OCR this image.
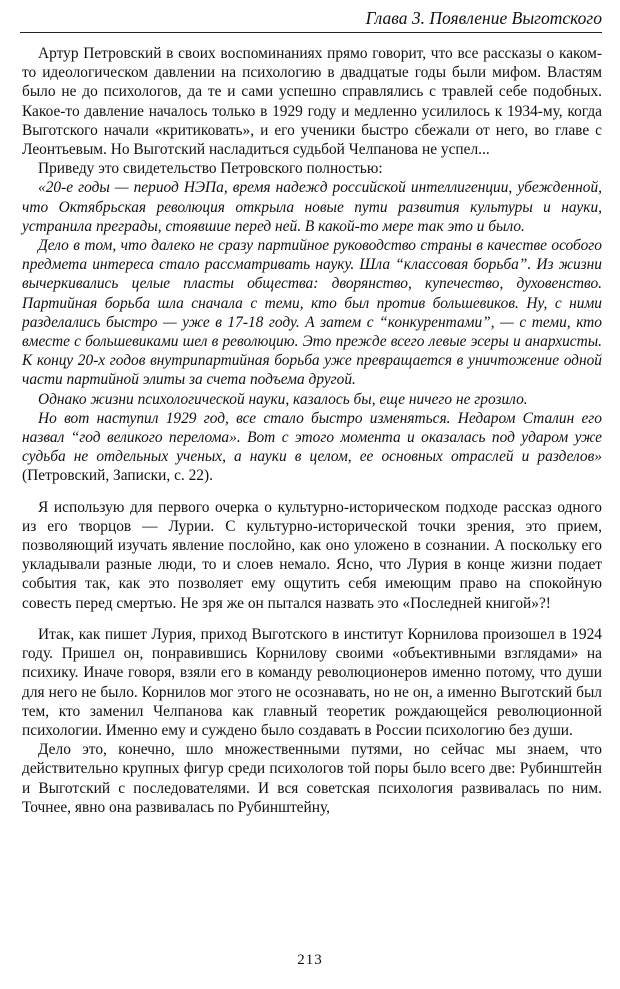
Глава 3. Появление Выготского

Артур Петровский в своих воспоминаниях прямо говорит, что все рассказы о каком-то идеологическом давлении на психологию в двадцатые годы были мифом. Властям было не до психологов, да те и сами успешно справлялись с травлей себе подобных. Какое-то давление началось только в 1929 году и медленно усилилось к 1934-му, когда Выготского начали «критиковать», и его ученики быстро сбежали от него, во главе с Леонтьевым. Но Выготский насладиться судьбой Челпанова не успел...

Приведу это свидетельство Петровского полностью:

«20-е годы — период НЭПа, время надежд российской интеллигенции, убежденной, что Октябрьская революция открыла новые пути развития культуры и науки, устранила преграды, стоявшие перед ней. В какой-то мере так это и было.

Дело в том, что далеко не сразу партийное руководство страны в качестве особого предмета интереса стало рассматривать науку. Шла “классовая борьба”. Из жизни вычеркивались целые пласты общества: дворянство, купечество, духовенство. Партийная борьба шла сначала с теми, кто был против большевиков. Ну, с ними разделались быстро — уже в 17-18 году. А затем с “конкурентами”, — с теми, кто вместе с большевиками шел в революцию. Это прежде всего левые эсеры и анархисты. К концу 20-х годов внутрипартийная борьба уже превращается в уничтожение одной части партийной элиты за счета подъема другой.

Однако жизни психологической науки, казалось бы, еще ничего не грозило.

Но вот наступил 1929 год, все стало быстро изменяться. Недаром Сталин его назвал “год великого перелома». Вот с этого момента и оказалась под ударом уже судьба не отдельных ученых, а науки в целом, ее основных отраслей и разделов» (Петровский, Записки, с. 22).

Я использую для первого очерка о культурно-историческом подходе рассказ одного из его творцов — Лурии. С культурно-исторической точки зрения, это прием, позволяющий изучать явление послойно, как оно уложено в сознании. А поскольку его укладывали разные люди, то и слоев немало. Ясно, что Лурия в конце жизни подает события так, как это позволяет ему ощутить себя имеющим право на спокойную совесть перед смертью. Не зря же он пытался назвать это «Последней книгой»?!

Итак, как пишет Лурия, приход Выготского в институт Корнилова произошел в 1924 году. Пришел он, понравившись Корнилову своими «объективными взглядами» на психику. Иначе говоря, взяли его в команду революционеров именно потому, что души для него не было. Корнилов мог этого не осознавать, но не он, а именно Выготский был тем, кто заменил Челпанова как главный теоретик рождающейся революционной психологии. Именно ему и суждено было создавать в России психологию без души.

Дело это, конечно, шло множественными путями, но сейчас мы знаем, что действительно крупных фигур среди психологов той поры было всего две: Рубинштейн и Выготский с последователями. И вся советская психология развивалась по ним. Точнее, явно она развивалась по Рубинштейну,

213
